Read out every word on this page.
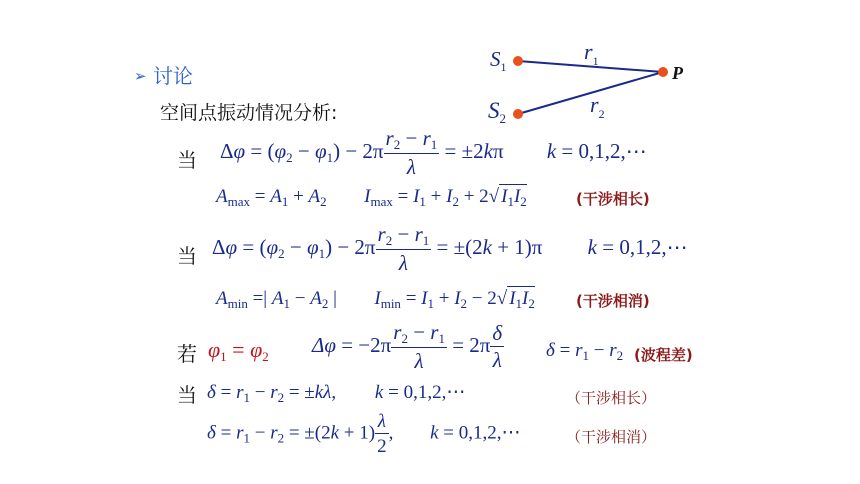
➢ 讨论
空间点振动情况分析:
$S_1$
$S_2$
$r_1$
$r_2$
P
当 $\Delta\varphi = (\varphi_2 - \varphi_1) - 2\pi \frac{r_2 - r_1}{\lambda} = \pm 2k\pi$ k = 0,1,2,⋯
$A_{max} = A_1 + A_2$ $I_{max} = I_1 + I_2 + 2√$ $I_1I_2$	(干涉相长)
当 $\Delta\varphi = (\varphi_2 - \varphi_1) - 2\pi \frac{r_2 - r_1}{\lambda} = \pm(2k + 1)\pi$ k = 0,1,2,⋯
$A_{min}$ =| $A_1 - A_2$ |  $I_{min} = I_1 + I_2 - 2√$ $I_1I_2$	(干涉相消)
若 $\varphi_1 = \varphi_2$ $\Delta\varphi = -2\pi \frac{r_2 - r_1}{\lambda} = 2\pi \frac{\delta}{\lambda}$ $\delta = r_1 - r_2$ (波程差)
当 $\delta = r_1 - r_2 = \pm k\lambda$, k = 0,1,2,⋯	（干涉相长）
$\delta = r_1 - r_2 = \pm(2k + 1) \frac{\lambda}{2}$ , k = 0,1,2,⋯	（干涉相消）
